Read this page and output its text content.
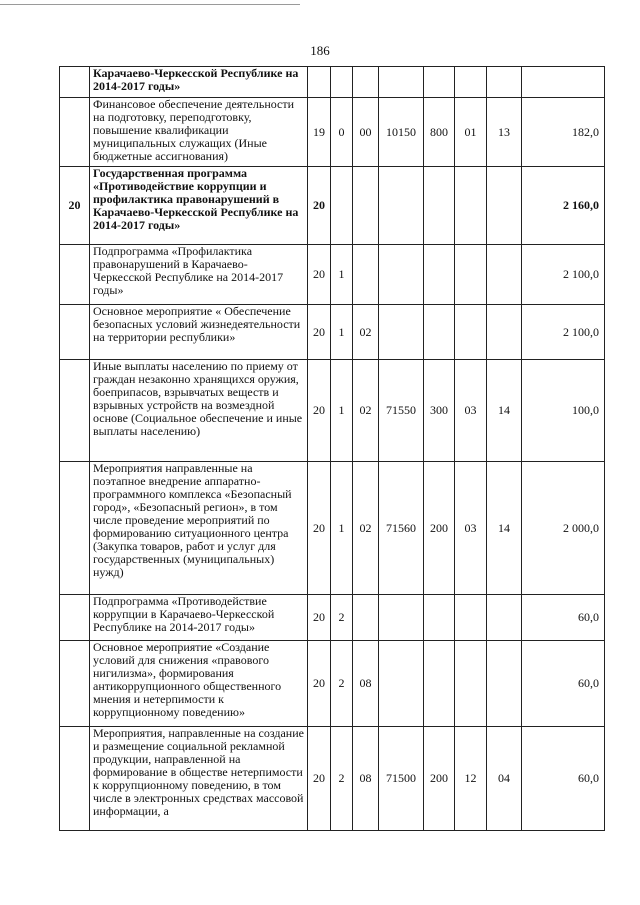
186
	Карачаево-Черкесской Республике на 2014-2017 годы»								
	Финансовое обеспечение деятельности на подготовку, переподготовку, повышение квалификации муниципальных служащих (Иные бюджетные ассигнования)	19	0	00	10150	800	01	13	182,0
20	Государственная программа «Противодействие коррупции и профилактика правонарушений в Карачаево-Черкесской Республике на 2014-2017 годы»	20							2 160,0
	Подпрограмма «Профилактика правонарушений в Карачаево-Черкесской Республике на 2014-2017 годы»	20	1						2 100,0
	Основное мероприятие « Обеспечение безопасных условий жизнедеятельности на территории республики»	20	1	02					2 100,0
	Иные выплаты населению по приему от граждан незаконно хранящихся оружия, боеприпасов, взрывчатых веществ и взрывных устройств на возмездной основе (Социальное обеспечение и иные выплаты населению)	20	1	02	71550	300	03	14	100,0
	Мероприятия направленные на поэтапное внедрение аппаратно-программного комплекса «Безопасный город», «Безопасный регион», в том числе проведение мероприятий по формированию ситуационного центра (Закупка товаров, работ и услуг для государственных (муниципальных) нужд)	20	1	02	71560	200	03	14	2 000,0
	Подпрограмма «Противодействие коррупции в Карачаево-Черкесской Республике на 2014-2017 годы»	20	2						60,0
	Основное мероприятие «Создание условий для снижения «правового нигилизма», формирования антикоррупционного общественного мнения и нетерпимости к коррупционному поведению»	20	2	08					60,0
	Мероприятия, направленные на создание и размещение социальной рекламной продукции, направленной на формирование в обществе нетерпимости к коррупционному поведению, в том числе в электронных средствах массовой информации, а	20	2	08	71500	200	12	04	60,0
